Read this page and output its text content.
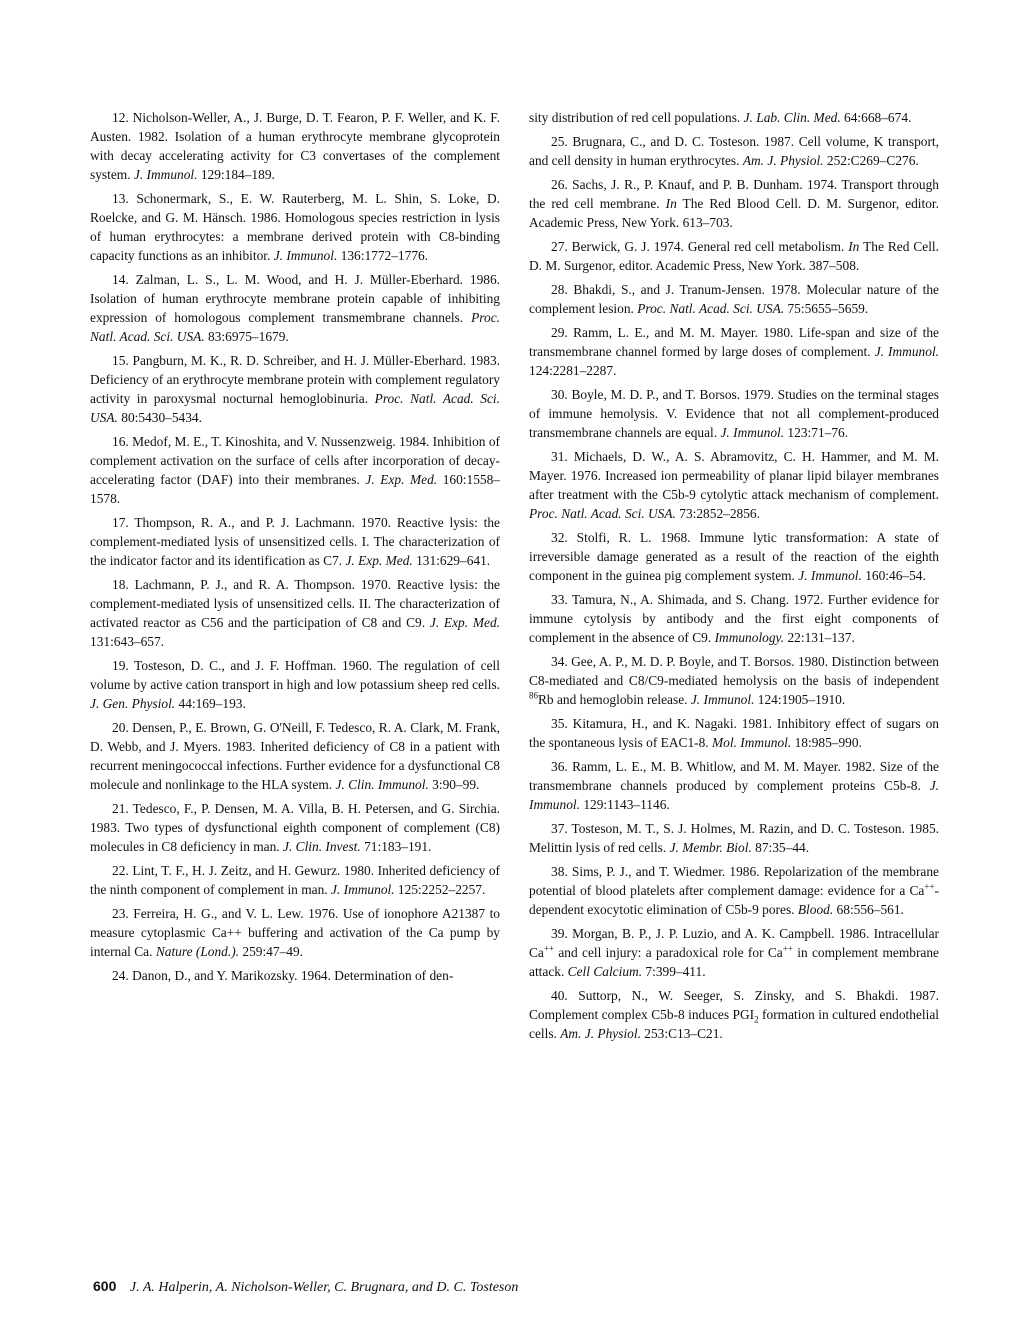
12. Nicholson-Weller, A., J. Burge, D. T. Fearon, P. F. Weller, and K. F. Austen. 1982. Isolation of a human erythrocyte membrane glycoprotein with decay accelerating activity for C3 convertases of the complement system. J. Immunol. 129:184–189.

13. Schonermark, S., E. W. Rauterberg, M. L. Shin, S. Loke, D. Roelcke, and G. M. Hänsch. 1986. Homologous species restriction in lysis of human erythrocytes: a membrane derived protein with C8-binding capacity functions as an inhibitor. J. Immunol. 136:1772–1776.

14. Zalman, L. S., L. M. Wood, and H. J. Müller-Eberhard. 1986. Isolation of human erythrocyte membrane protein capable of inhibiting expression of homologous complement transmembrane channels. Proc. Natl. Acad. Sci. USA. 83:6975–1679.

15. Pangburn, M. K., R. D. Schreiber, and H. J. Müller-Eberhard. 1983. Deficiency of an erythrocyte membrane protein with complement regulatory activity in paroxysmal nocturnal hemoglobinuria. Proc. Natl. Acad. Sci. USA. 80:5430–5434.

16. Medof, M. E., T. Kinoshita, and V. Nussenzweig. 1984. Inhibition of complement activation on the surface of cells after incorporation of decay-accelerating factor (DAF) into their membranes. J. Exp. Med. 160:1558–1578.

17. Thompson, R. A., and P. J. Lachmann. 1970. Reactive lysis: the complement-mediated lysis of unsensitized cells. I. The characterization of the indicator factor and its identification as C7. J. Exp. Med. 131:629–641.

18. Lachmann, P. J., and R. A. Thompson. 1970. Reactive lysis: the complement-mediated lysis of unsensitized cells. II. The characterization of activated reactor as C56 and the participation of C8 and C9. J. Exp. Med. 131:643–657.

19. Tosteson, D. C., and J. F. Hoffman. 1960. The regulation of cell volume by active cation transport in high and low potassium sheep red cells. J. Gen. Physiol. 44:169–193.

20. Densen, P., E. Brown, G. O'Neill, F. Tedesco, R. A. Clark, M. Frank, D. Webb, and J. Myers. 1983. Inherited deficiency of C8 in a patient with recurrent meningococcal infections. Further evidence for a dysfunctional C8 molecule and nonlinkage to the HLA system. J. Clin. Immunol. 3:90–99.

21. Tedesco, F., P. Densen, M. A. Villa, B. H. Petersen, and G. Sirchia. 1983. Two types of dysfunctional eighth component of complement (C8) molecules in C8 deficiency in man. J. Clin. Invest. 71:183–191.

22. Lint, T. F., H. J. Zeitz, and H. Gewurz. 1980. Inherited deficiency of the ninth component of complement in man. J. Immunol. 125:2252–2257.

23. Ferreira, H. G., and V. L. Lew. 1976. Use of ionophore A21387 to measure cytoplasmic Ca++ buffering and activation of the Ca pump by internal Ca. Nature (Lond.). 259:47–49.

24. Danon, D., and Y. Marikozsky. 1964. Determination of den-

sity distribution of red cell populations. J. Lab. Clin. Med. 64:668–674.

25. Brugnara, C., and D. C. Tosteson. 1987. Cell volume, K transport, and cell density in human erythrocytes. Am. J. Physiol. 252:C269–C276.

26. Sachs, J. R., P. Knauf, and P. B. Dunham. 1974. Transport through the red cell membrane. In The Red Blood Cell. D. M. Surgenor, editor. Academic Press, New York. 613–703.

27. Berwick, G. J. 1974. General red cell metabolism. In The Red Cell. D. M. Surgenor, editor. Academic Press, New York. 387–508.

28. Bhakdi, S., and J. Tranum-Jensen. 1978. Molecular nature of the complement lesion. Proc. Natl. Acad. Sci. USA. 75:5655–5659.

29. Ramm, L. E., and M. M. Mayer. 1980. Life-span and size of the transmembrane channel formed by large doses of complement. J. Immunol. 124:2281–2287.

30. Boyle, M. D. P., and T. Borsos. 1979. Studies on the terminal stages of immune hemolysis. V. Evidence that not all complement-produced transmembrane channels are equal. J. Immunol. 123:71–76.

31. Michaels, D. W., A. S. Abramovitz, C. H. Hammer, and M. M. Mayer. 1976. Increased ion permeability of planar lipid bilayer membranes after treatment with the C5b-9 cytolytic attack mechanism of complement. Proc. Natl. Acad. Sci. USA. 73:2852–2856.

32. Stolfi, R. L. 1968. Immune lytic transformation: A state of irreversible damage generated as a result of the reaction of the eighth component in the guinea pig complement system. J. Immunol. 160:46–54.

33. Tamura, N., A. Shimada, and S. Chang. 1972. Further evidence for immune cytolysis by antibody and the first eight components of complement in the absence of C9. Immunology. 22:131–137.

34. Gee, A. P., M. D. P. Boyle, and T. Borsos. 1980. Distinction between C8-mediated and C8/C9-mediated hemolysis on the basis of independent $^{86}$Rb and hemoglobin release. J. Immunol. 124:1905–1910.

35. Kitamura, H., and K. Nagaki. 1981. Inhibitory effect of sugars on the spontaneous lysis of EAC1-8. Mol. Immunol. 18:985–990.

36. Ramm, L. E., M. B. Whitlow, and M. M. Mayer. 1982. Size of the transmembrane channels produced by complement proteins C5b-8. J. Immunol. 129:1143–1146.

37. Tosteson, M. T., S. J. Holmes, M. Razin, and D. C. Tosteson. 1985. Melittin lysis of red cells. J. Membr. Biol. 87:35–44.

38. Sims, P. J., and T. Wiedmer. 1986. Repolarization of the membrane potential of blood platelets after complement damage: evidence for a Ca++-dependent exocytotic elimination of C5b-9 pores. Blood. 68:556–561.

39. Morgan, B. P., J. P. Luzio, and A. K. Campbell. 1986. Intracellular Ca++ and cell injury: a paradoxical role for Ca++ in complement membrane attack. Cell Calcium. 7:399–411.

40. Suttorp, N., W. Seeger, S. Zinsky, and S. Bhakdi. 1987. Complement complex C5b-8 induces $PGI_2$ formation in cultured endothelial cells. Am. J. Physiol. 253:C13–C21.

600 J. A. Halperin, A. Nicholson-Weller, C. Brugnara, and D. C. Tosteson
